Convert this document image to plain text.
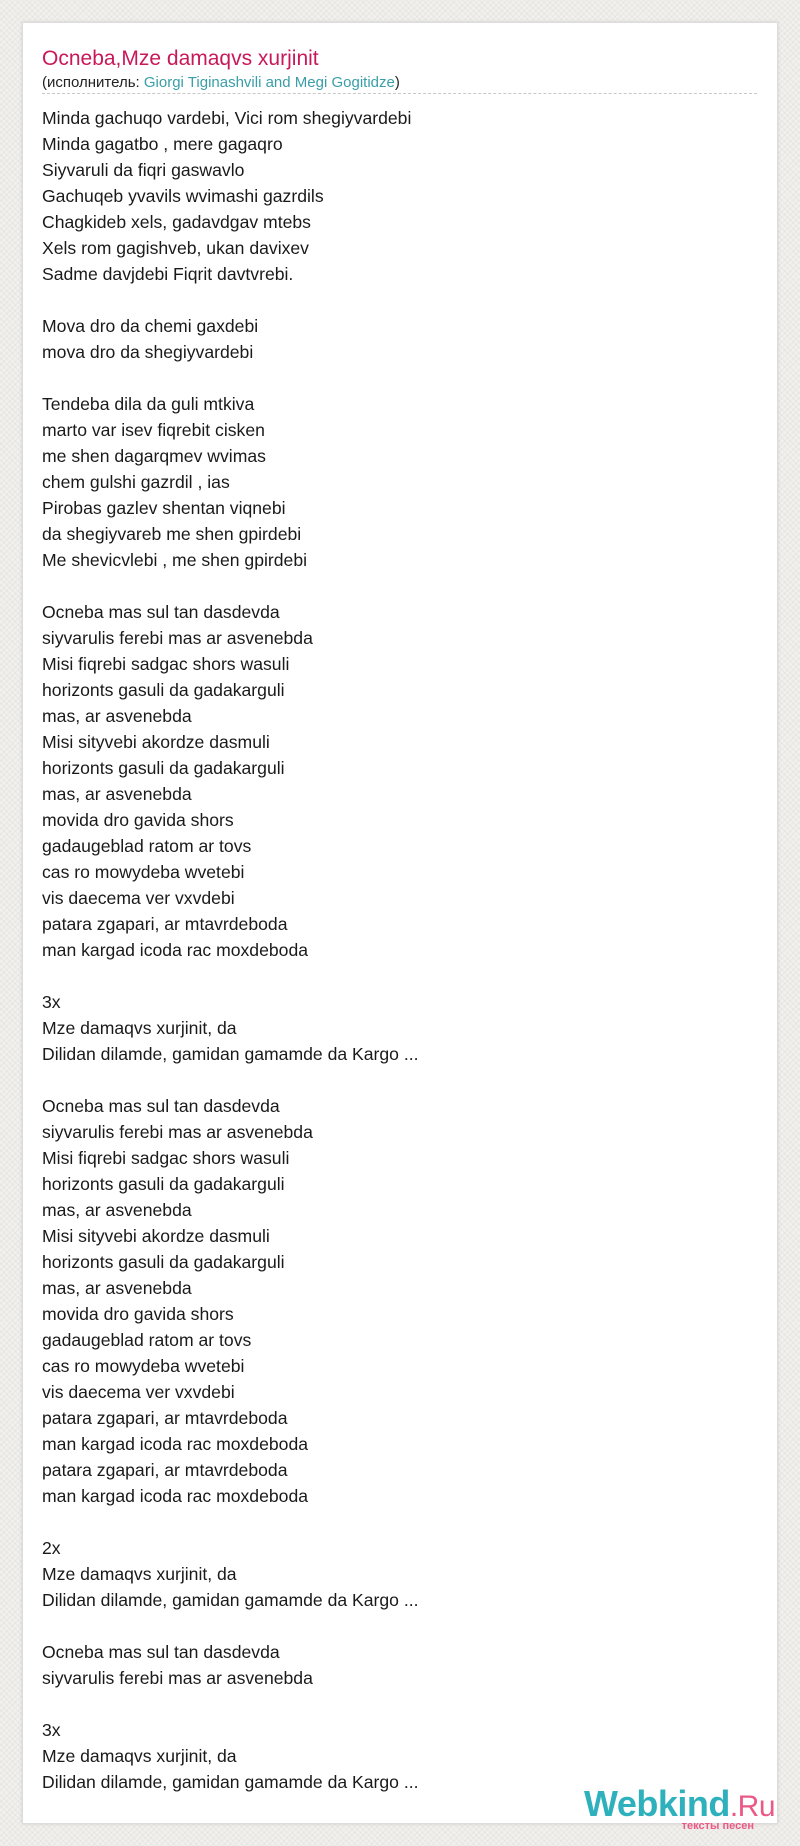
Ocneba,Mze damaqvs xurjinit
(исполнитель: Giorgi Tiginashvili and Megi Gogitidze)
Minda gachuqo vardebi, Vici rom shegiyvardebi
Minda gagatbo , mere gagaqro
Siyvaruli da fiqri gaswavlo
Gachuqeb yvavils wvimashi gazrdils
Chagkideb xels, gadavdgav mtebs
Xels rom gagishveb, ukan davixev
Sadme davjdebi Fiqrit davtvrebi.
Mova dro da chemi gaxdebi
mova dro da shegiyvardebi
Tendeba dila da guli mtkiva
marto var isev fiqrebit cisken
me shen dagarqmev wvimas
chem gulshi gazrdil , ias
Pirobas gazlev shentan viqnebi
da shegiyvareb me shen gpirdebi
Me shevicvlebi , me shen gpirdebi
Ocneba mas sul tan dasdevda
siyvarulis ferebi mas ar asvenebda
Misi fiqrebi sadgac shors wasuli
horizonts gasuli da gadakarguli
mas, ar asvenebda
Misi sityvebi akordze dasmuli
horizonts gasuli da gadakarguli
mas, ar asvenebda
movida dro gavida shors
gadaugeblad ratom ar tovs
cas ro mowydeba wvetebi
vis daecema ver vxvdebi
patara zgapari, ar mtavrdeboda
man kargad icoda rac moxdeboda
3x
Mze damaqvs xurjinit, da
Dilidan dilamde, gamidan gamamde da Kargo ...
Ocneba mas sul tan dasdevda
siyvarulis ferebi mas ar asvenebda
Misi fiqrebi sadgac shors wasuli
horizonts gasuli da gadakarguli
mas, ar asvenebda
Misi sityvebi akordze dasmuli
horizonts gasuli da gadakarguli
mas, ar asvenebda
movida dro gavida shors
gadaugeblad ratom ar tovs
cas ro mowydeba wvetebi
vis daecema ver vxvdebi
patara zgapari, ar mtavrdeboda
man kargad icoda rac moxdeboda
patara zgapari, ar mtavrdeboda
man kargad icoda rac moxdeboda
2x
Mze damaqvs xurjinit, da
Dilidan dilamde, gamidan gamamde da Kargo ...
Ocneba mas sul tan dasdevda
siyvarulis ferebi mas ar asvenebda
3x
Mze damaqvs xurjinit, da
Dilidan dilamde, gamidan gamamde da Kargo ...
Webkind.Ru
тексты песен
